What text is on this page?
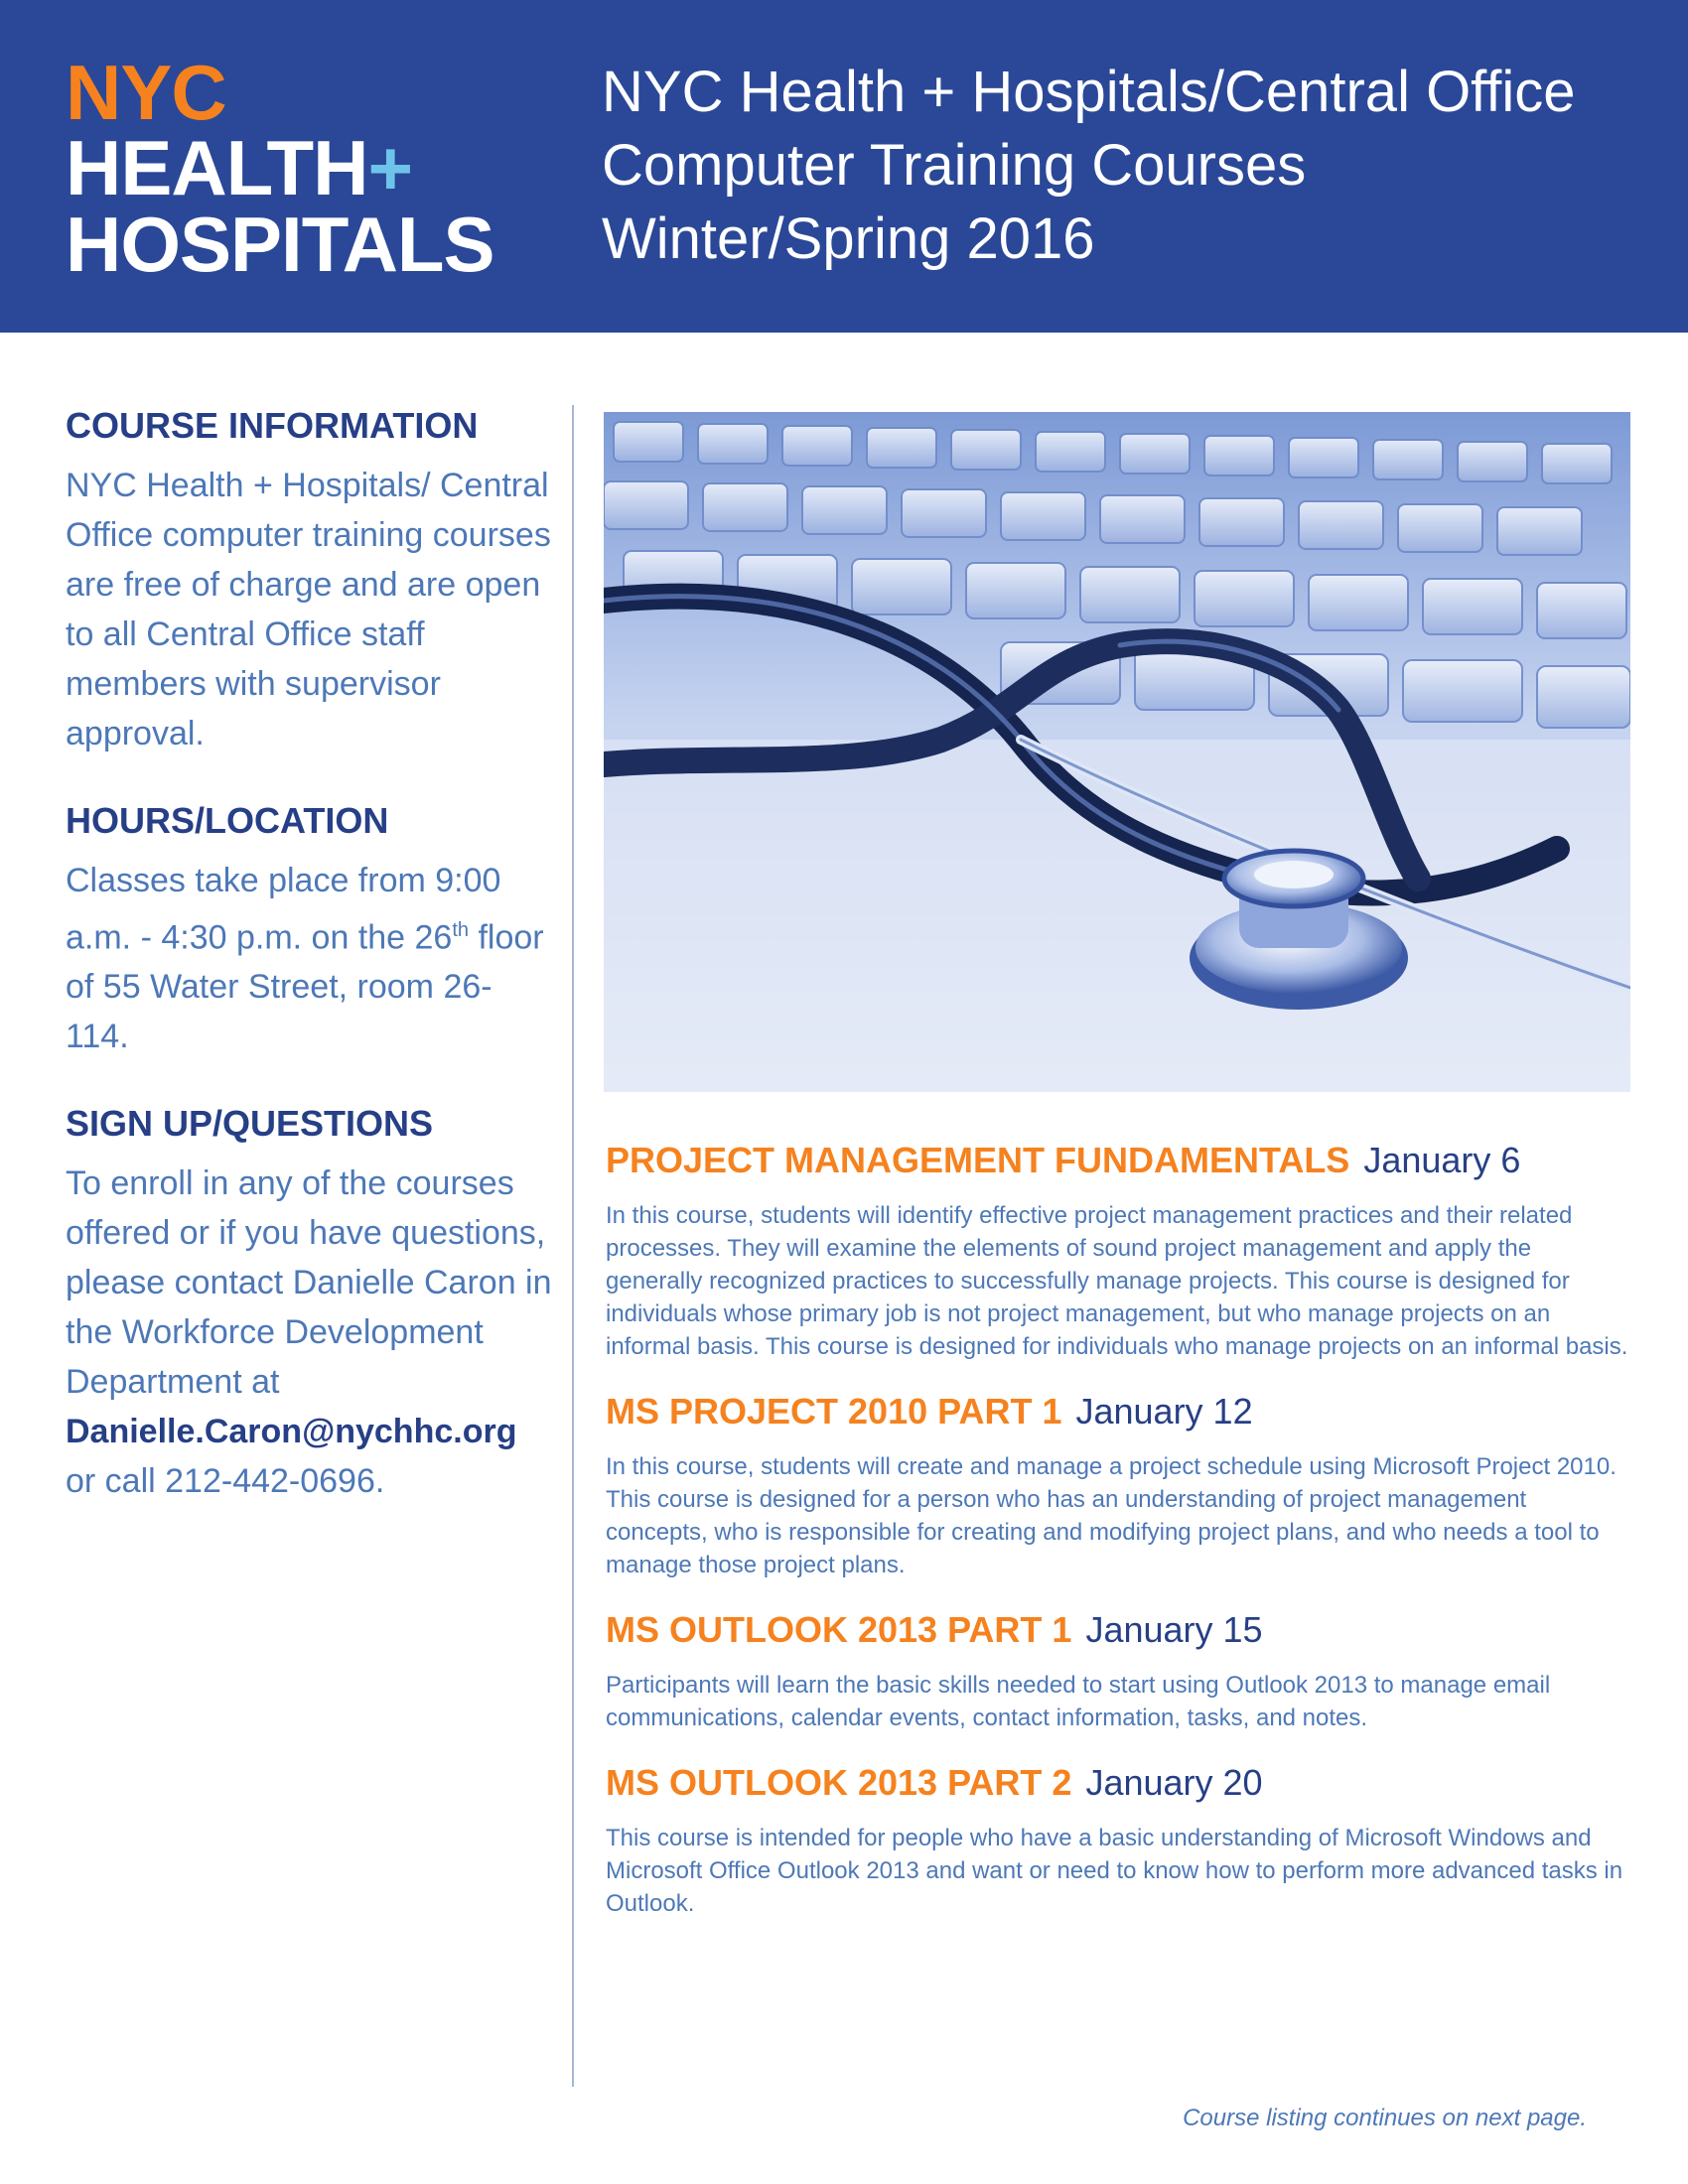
NYC
HEALTH+
HOSPITALS
NYC Health + Hospitals/Central Office
Computer Training Courses
Winter/Spring 2016
COURSE INFORMATION

NYC Health + Hospitals/ Central Office computer training courses are free of charge and are open to all Central Office staff members with supervisor approval.

HOURS/LOCATION

Classes take place from 9:00 a.m. - 4:30 p.m. on the 26th floor of 55 Water Street, room 26-114.

SIGN UP/QUESTIONS

To enroll in any of the courses offered or if you have questions, please contact Danielle Caron in the Workforce Development Department at
Danielle.Caron@nychhc.org
or call 212-442-0696.

PROJECT MANAGEMENT FUNDAMENTALS January 6

In this course, students will identify effective project management practices and their related processes. They will examine the elements of sound project management and apply the generally recognized practices to successfully manage projects. This course is designed for individuals whose primary job is not project management, but who manage projects on an informal basis. This course is designed for individuals who manage projects on an informal basis.

MS PROJECT 2010 PART 1 January 12

In this course, students will create and manage a project schedule using Microsoft Project 2010. This course is designed for a person who has an understanding of project management concepts, who is responsible for creating and modifying project plans, and who needs a tool to manage those project plans.

MS OUTLOOK 2013 PART 1 January 15

Participants will learn the basic skills needed to start using Outlook 2013 to manage email communications, calendar events, contact information, tasks, and notes.

MS OUTLOOK 2013 PART 2 January 20

This course is intended for people who have a basic understanding of Microsoft Windows and Microsoft Office Outlook 2013 and want or need to know how to perform more advanced tasks in Outlook.

Course listing continues on next page.
